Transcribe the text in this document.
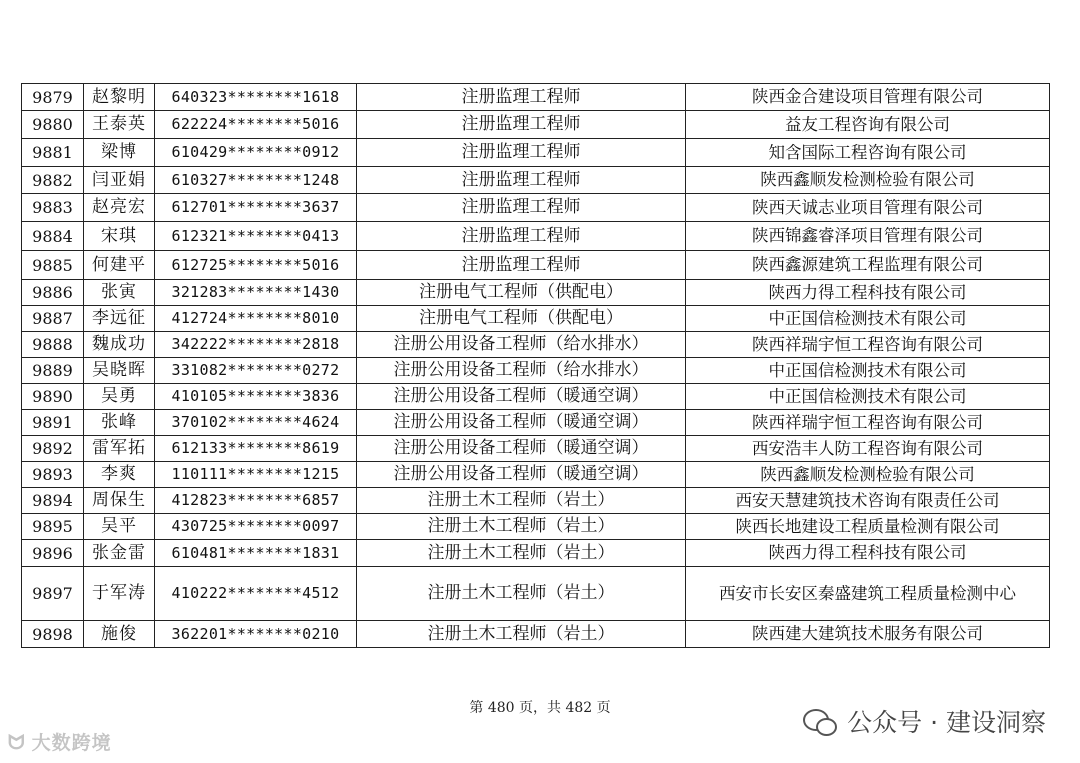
9879	赵黎明	640323********1618	注册监理工程师	陕西金合建设项目管理有限公司
9880	王泰英	622224********5016	注册监理工程师	益友工程咨询有限公司
9881	梁博	610429********0912	注册监理工程师	知含国际工程咨询有限公司
9882	闫亚娟	610327********1248	注册监理工程师	陕西鑫顺发检测检验有限公司
9883	赵亮宏	612701********3637	注册监理工程师	陕西天诚志业项目管理有限公司
9884	宋琪	612321********0413	注册监理工程师	陕西锦鑫睿泽项目管理有限公司
9885	何建平	612725********5016	注册监理工程师	陕西鑫源建筑工程监理有限公司
9886	张寅	321283********1430	注册电气工程师（供配电）	陕西力得工程科技有限公司
9887	李远征	412724********8010	注册电气工程师（供配电）	中正国信检测技术有限公司
9888	魏成功	342222********2818	注册公用设备工程师（给水排水）	陕西祥瑞宇恒工程咨询有限公司
9889	吴晓晖	331082********0272	注册公用设备工程师（给水排水）	中正国信检测技术有限公司
9890	吴勇	410105********3836	注册公用设备工程师（暖通空调）	中正国信检测技术有限公司
9891	张峰	370102********4624	注册公用设备工程师（暖通空调）	陕西祥瑞宇恒工程咨询有限公司
9892	雷军拓	612133********8619	注册公用设备工程师（暖通空调）	西安浩丰人防工程咨询有限公司
9893	李爽	110111********1215	注册公用设备工程师（暖通空调）	陕西鑫顺发检测检验有限公司
9894	周保生	412823********6857	注册土木工程师（岩土）	西安天慧建筑技术咨询有限责任公司
9895	吴平	430725********0097	注册土木工程师（岩土）	陕西长地建设工程质量检测有限公司
9896	张金雷	610481********1831	注册土木工程师（岩土）	陕西力得工程科技有限公司
9897	于军涛	410222********4512	注册土木工程师（岩土）	西安市长安区秦盛建筑工程质量检测中心
9898	施俊	362201********0210	注册土木工程师（岩土）	陕西建大建筑技术服务有限公司
第 480 页，共 482 页
ᗢ 大数跨境
公众号 · 建设洞察
